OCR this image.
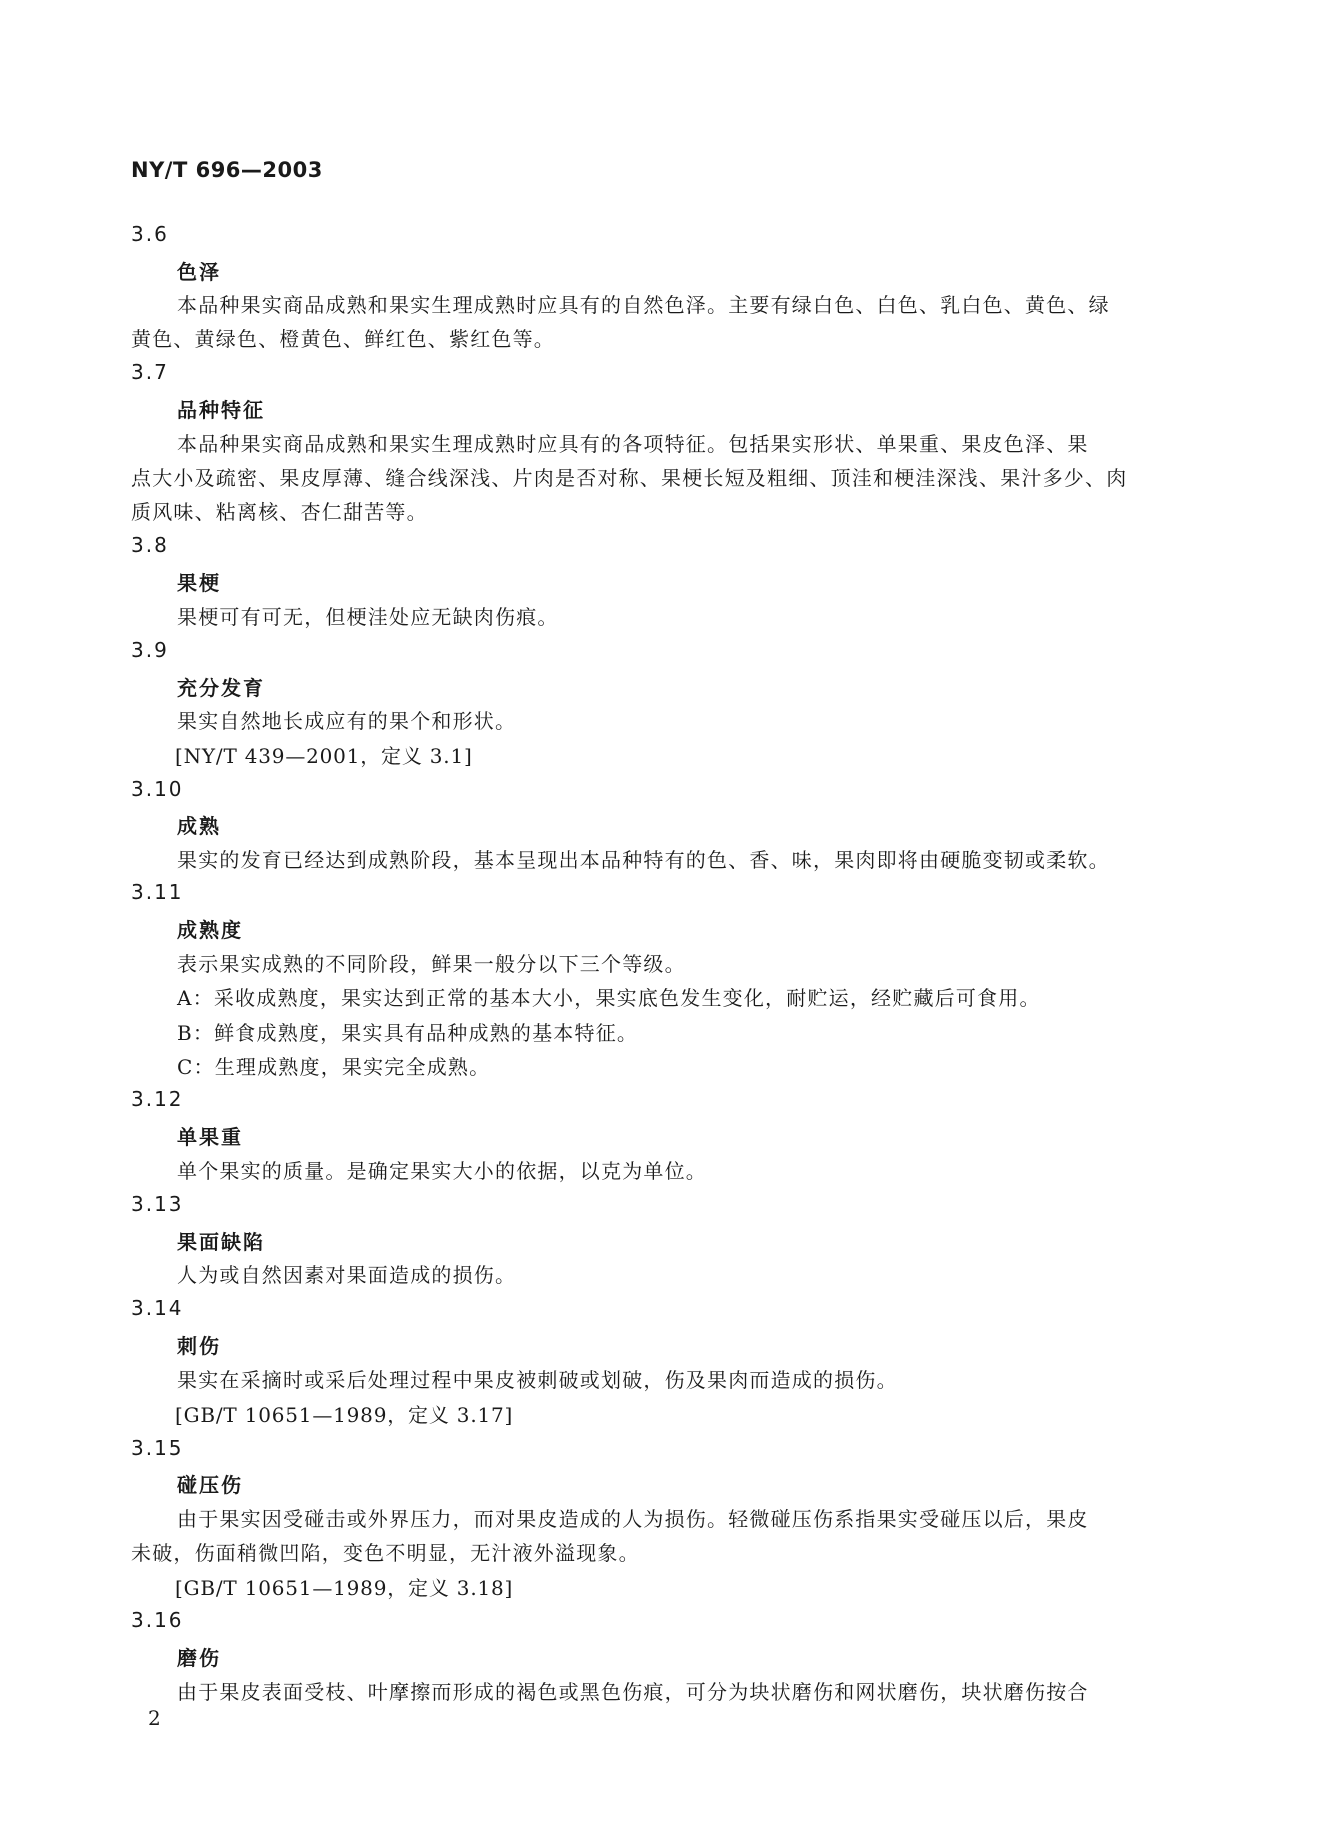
NY/T 696—2003
3.6
色泽
本品种果实商品成熟和果实生理成熟时应具有的自然色泽。主要有绿白色、白色、乳白色、黄色、绿
黄色、黄绿色、橙黄色、鲜红色、紫红色等。
3.7
品种特征
本品种果实商品成熟和果实生理成熟时应具有的各项特征。包括果实形状、单果重、果皮色泽、果
点大小及疏密、果皮厚薄、缝合线深浅、片肉是否对称、果梗长短及粗细、顶洼和梗洼深浅、果汁多少、肉
质风味、粘离核、杏仁甜苦等。
3.8
果梗
果梗可有可无，但梗洼处应无缺肉伤痕。
3.9
充分发育
果实自然地长成应有的果个和形状。
[NY/T 439—2001，定义 3.1]
3.10
成熟
果实的发育已经达到成熟阶段，基本呈现出本品种特有的色、香、味，果肉即将由硬脆变韧或柔软。
3.11
成熟度
表示果实成熟的不同阶段，鲜果一般分以下三个等级。
A：采收成熟度，果实达到正常的基本大小，果实底色发生变化，耐贮运，经贮藏后可食用。
B：鲜食成熟度，果实具有品种成熟的基本特征。
C：生理成熟度，果实完全成熟。
3.12
单果重
单个果实的质量。是确定果实大小的依据，以克为单位。
3.13
果面缺陷
人为或自然因素对果面造成的损伤。
3.14
刺伤
果实在采摘时或采后处理过程中果皮被刺破或划破，伤及果肉而造成的损伤。
[GB/T 10651—1989，定义 3.17]
3.15
碰压伤
由于果实因受碰击或外界压力，而对果皮造成的人为损伤。轻微碰压伤系指果实受碰压以后，果皮
未破，伤面稍微凹陷，变色不明显，无汁液外溢现象。
[GB/T 10651—1989，定义 3.18]
3.16
磨伤
由于果皮表面受枝、叶摩擦而形成的褐色或黑色伤痕，可分为块状磨伤和网状磨伤，块状磨伤按合
2
